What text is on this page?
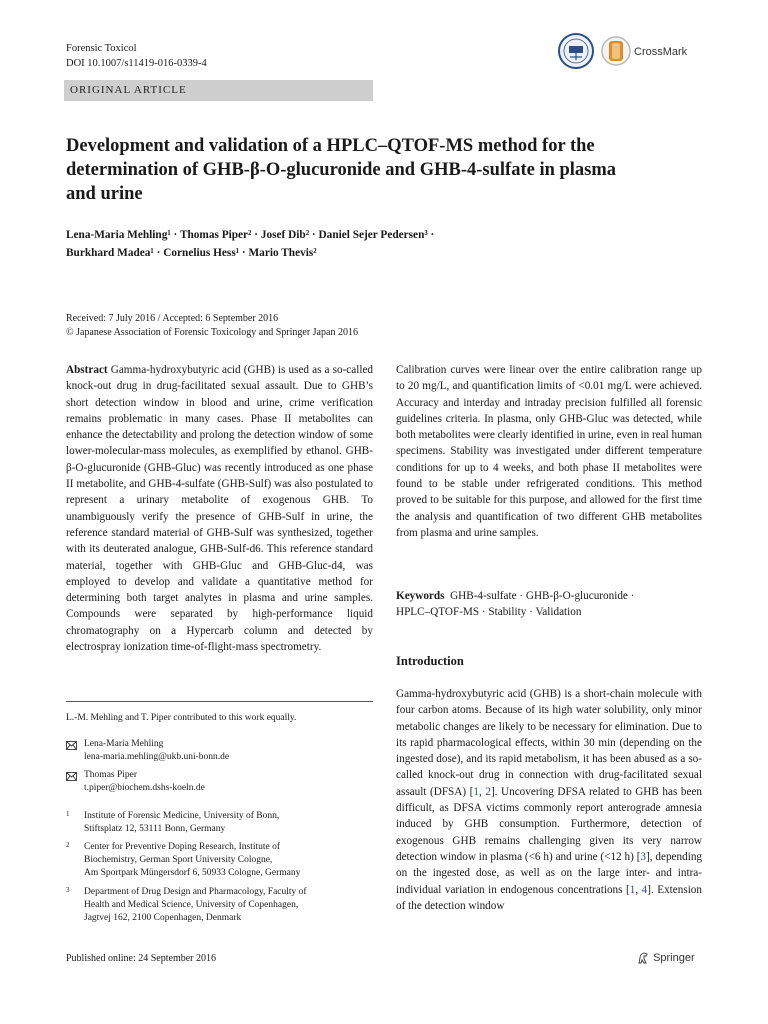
Forensic Toxicol
DOI 10.1007/s11419-016-0339-4
CrossMark
ORIGINAL ARTICLE
Development and validation of a HPLC–QTOF-MS method for the determination of GHB-β-O-glucuronide and GHB-4-sulfate in plasma and urine
Lena-Maria Mehling¹ · Thomas Piper² · Josef Dib² · Daniel Sejer Pedersen³ ·
Burkhard Madea¹ · Cornelius Hess¹ · Mario Thevis²
Received: 7 July 2016 / Accepted: 6 September 2016
© Japanese Association of Forensic Toxicology and Springer Japan 2016
Abstract Gamma-hydroxybutyric acid (GHB) is used as a so-called knock-out drug in drug-facilitated sexual assault. Due to GHB’s short detection window in blood and urine, crime verification remains problematic in many cases. Phase II metabolites can enhance the detectability and prolong the detection window of some lower-molecular-mass molecules, as exemplified by ethanol. GHB-β-O-glucuronide (GHB-Gluc) was recently introduced as one phase II metabolite, and GHB-4-sulfate (GHB-Sulf) was also postulated to represent a urinary metabolite of exogenous GHB. To unambiguously verify the presence of GHB-Sulf in urine, the reference standard material of GHB-Sulf was synthesized, together with its deuterated analogue, GHB-Sulf-d6. This reference standard material, together with GHB-Gluc and GHB-Gluc-d4, was employed to develop and validate a quantitative method for determining both target analytes in plasma and urine samples. Compounds were separated by high-performance liquid chromatography on a Hypercarb column and detected by electrospray ionization time-of-flight-mass spectrometry.
Calibration curves were linear over the entire calibration range up to 20 mg/L, and quantification limits of <0.01 mg/L were achieved. Accuracy and interday and intraday precision fulfilled all forensic guidelines criteria. In plasma, only GHB-Gluc was detected, while both metabolites were clearly identified in urine, even in real human specimens. Stability was investigated under different temperature conditions for up to 4 weeks, and both phase II metabolites were found to be stable under refrigerated conditions. This method proved to be suitable for this purpose, and allowed for the first time the analysis and quantification of two different GHB metabolites from plasma and urine samples.
Keywords GHB-4-sulfate · GHB-β-O-glucuronide ·
HPLC–QTOF-MS · Stability · Validation
Introduction
Gamma-hydroxybutyric acid (GHB) is a short-chain molecule with four carbon atoms. Because of its high water solubility, only minor metabolic changes are likely to be necessary for elimination. Due to its rapid pharmacological effects, within 30 min (depending on the ingested dose), and its rapid metabolism, it has been abused as a so-called knock-out drug in connection with drug-facilitated sexual assault (DFSA) [1, 2]. Uncovering DFSA related to GHB has been difficult, as DFSA victims commonly report anterograde amnesia induced by GHB consumption. Furthermore, detection of exogenous GHB remains challenging given its very narrow detection window in plasma (<6 h) and urine (<12 h) [3], depending on the ingested dose, as well as on the large inter- and intra-individual variation in endogenous concentrations [1, 4]. Extension of the detection window
L.-M. Mehling and T. Piper contributed to this work equally.
Lena-Maria Mehling
lena-maria.mehling@ukb.uni-bonn.de
Thomas Piper
t.piper@biochem.dshs-koeln.de
1 Institute of Forensic Medicine, University of Bonn,
Stiftsplatz 12, 53111 Bonn, Germany
2 Center for Preventive Doping Research, Institute of
Biochemistry, German Sport University Cologne,
Am Sportpark Müngersdorf 6, 50933 Cologne, Germany
3 Department of Drug Design and Pharmacology, Faculty of
Health and Medical Science, University of Copenhagen,
Jagtvej 162, 2100 Copenhagen, Denmark
Published online: 24 September 2016	Springer
